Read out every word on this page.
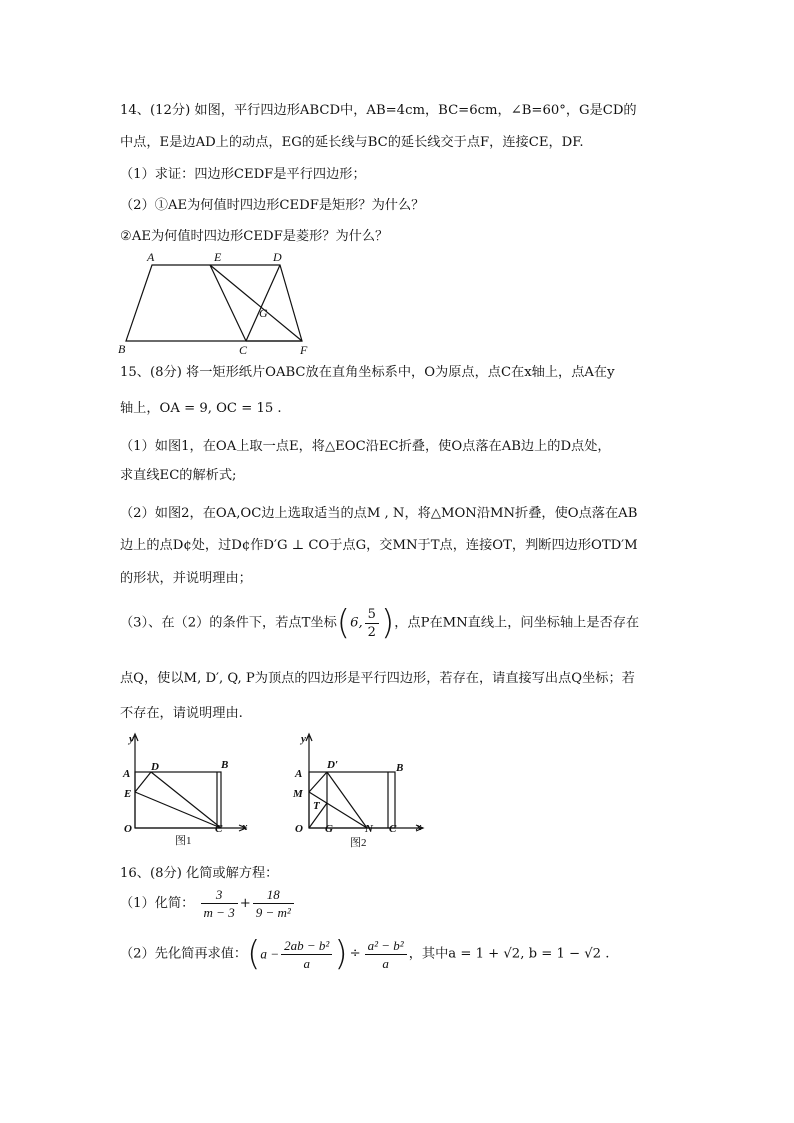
14、(12分) 如图，平行四边形ABCD中，AB=4cm，BC=6cm，∠B=60°，G是CD的
中点，E是边AD上的动点，EG的延长线与BC的延长线交于点F，连接CE，DF.
（1）求证：四边形CEDF是平行四边形；
（2）①AE为何值时四边形CEDF是矩形？为什么？
②AE为何值时四边形CEDF是菱形？为什么？
A	E	D
G
B	C	F
15、(8分) 将一矩形纸片OABC放在直角坐标系中，O为原点，点C在x轴上，点A在y
轴上，OA = 9, OC = 15 .
（1）如图1，在OA上取一点E，将△EOC沿EC折叠，使O点落在AB边上的D点处，
求直线EC的解析式;
（2）如图2，在OA,OC边上选取适当的点M , N，将△MON沿MN折叠，使O点落在AB
边上的点D¢处，过D¢作D′G ⊥ CO于点G，交MN于T点，连接OT，判断四边形OTD′M
的形状，并说明理由；
（3）、在（2）的条件下，若点T坐标(6, $\frac{5}{2}$ )，点P在MN直线上，问坐标轴上是否存在
点Q，使以M, D′, Q, P为顶点的四边形是平行四边形，若存在，请直接写出点Q坐标；若
不存在，请说明理由.
y
A
D	B
E
O	C x
图1
y
A
D′	B
M
T
O G	N C x
图2
16、(8分) 化简或解方程：
（1）化简： $\frac{3}{m - 3} + \frac{18}{\text{9 − m²}}$
（2）先化简再求值：($a - \frac{\text{2ab − b²}}{a}$ ) ÷ $\frac{\text{a² − b²}}{a}$ ，其中a = 1 + √2, b = 1 − √2 .
